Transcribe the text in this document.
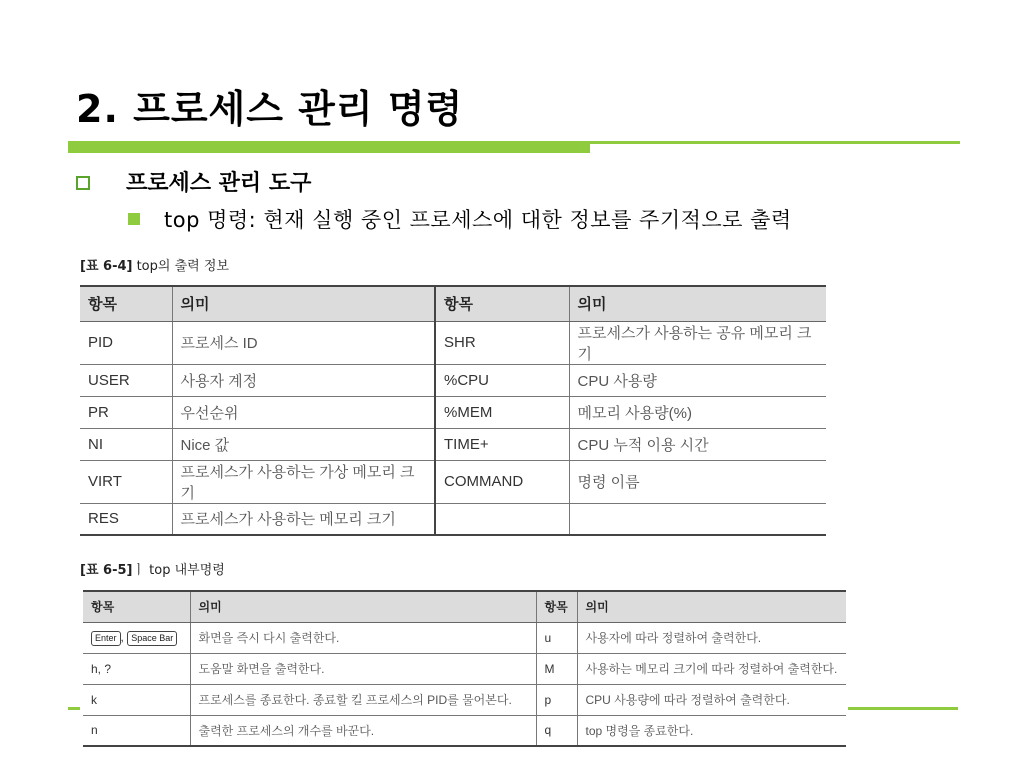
2. 프로세스 관리 명령
프로세스 관리 도구
top 명령: 현재 실행 중인 프로세스에 대한 정보를 주기적으로 출력
[표 6-4] top의 출력 정보
항목	의미	항목	의미
PID	프로세스 ID	SHR	프로세스가 사용하는 공유 메모리 크기
USER	사용자 계정	%CPU	CPU 사용량
PR	우선순위	%MEM	메모리 사용량(%)
NI	Nice 값	TIME+	CPU 누적 이용 시간
VIRT	프로세스가 사용하는 가상 메모리 크기	COMMAND	명령 이름
RES	프로세스가 사용하는 메모리 크기		
[표 6-5]ㅣ top 내부명령
항목	의미	항목	의미
Enter , Space Bar	화면을 즉시 다시 출력한다.	u	사용자에 따라 정렬하여 출력한다.
h, ?	도움말 화면을 출력한다.	M	사용하는 메모리 크기에 따라 정렬하여 출력한다.
k	프로세스를 종료한다. 종료할 킬 프로세스의 PID를 물어본다.	p	CPU 사용량에 따라 정렬하여 출력한다.
n	출력한 프로세스의 개수를 바꾼다.	q	top 명령을 종료한다.
